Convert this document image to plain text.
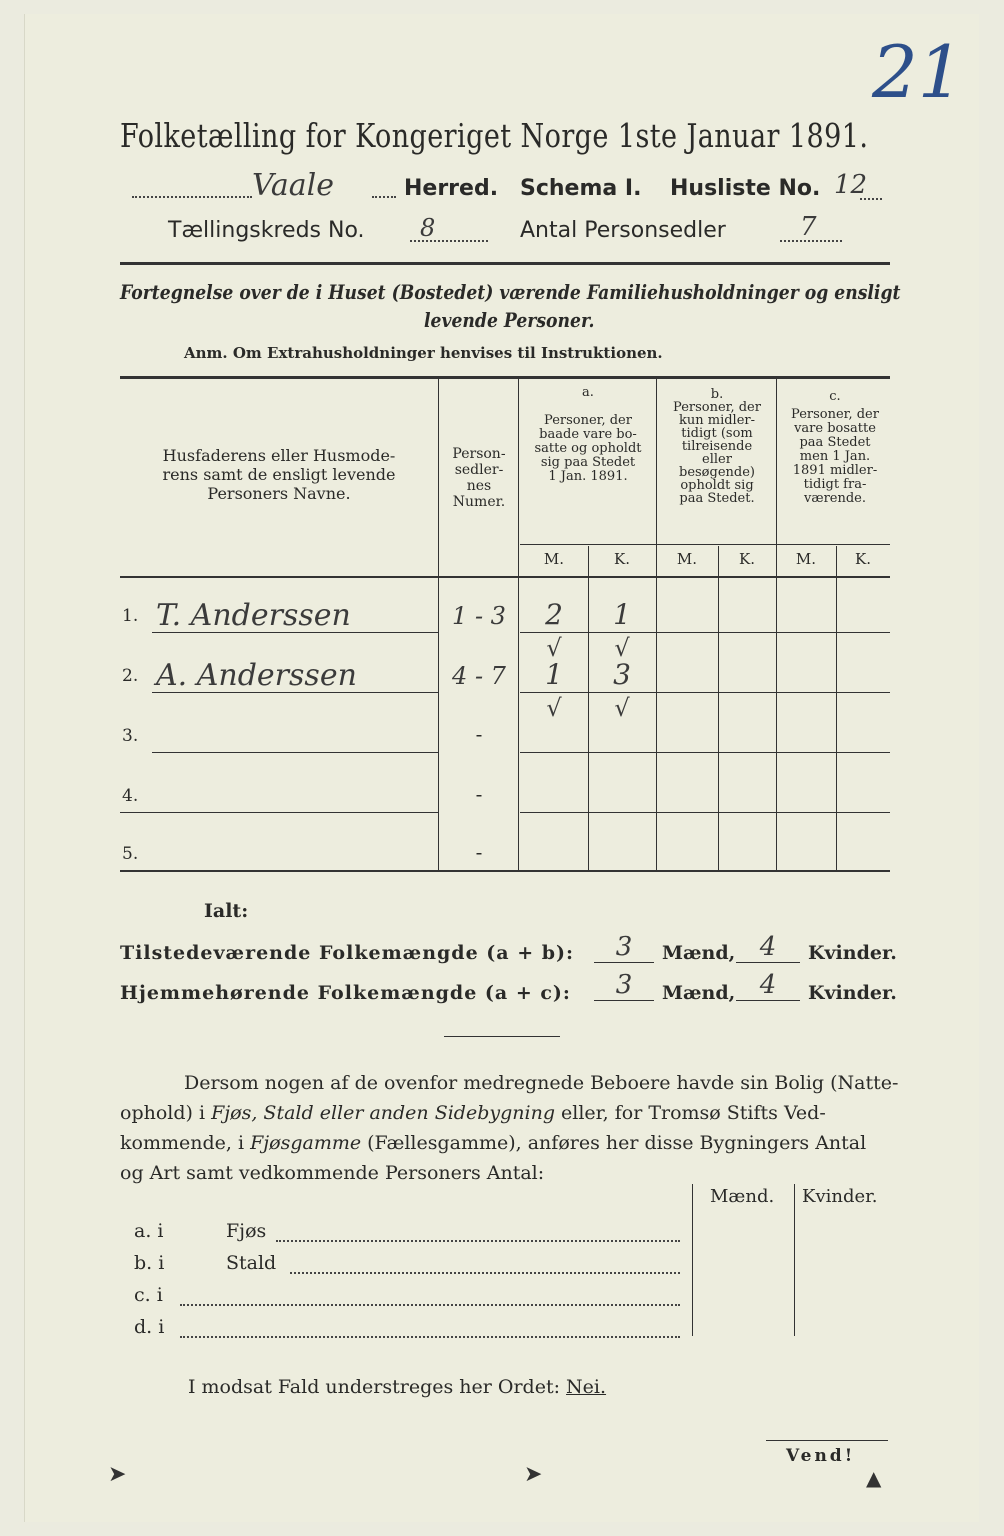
21
Folketælling for Kongeriget Norge 1ste Januar 1891.
Vaale	Herred. Schema I. Husliste No. 12
Tællingskreds No. 8	Antal Personsedler	7
Fortegnelse over de i Huset (Bostedet) værende Familiehusholdninger og ensligt
levende Personer.
Anm. Om Extrahusholdninger henvises til Instruktionen.
Husfaderens eller Husmode-
rens samt de ensligt levende
Personers Navne.
Person-
sedler-
nes
Numer.
a.
Personer, der
baade vare bo-
satte og opholdt
sig paa Stedet
1 Jan. 1891.
b.
Personer, der
kun midler-
tidigt (som
tilreisende
eller
besøgende)
opholdt sig
paa Stedet.
c.
Personer, der
vare bosatte
paa Stedet
men 1 Jan.
1891 midler-
tidigt fra-
værende.
M.	K.	M.	K.	M.	K.
1. T. Anderssen	1 - 3	2	1
√	√
2. A. Anderssen	4 - 7	1	3
√	√
3.	-
4.	-
5.	-
Ialt:
Tilstedeværende Folkemængde (a + b):	3	Mænd, 4	Kvinder.
Hjemmehørende Folkemængde (a + c):	3	Mænd, 4	Kvinder.
Dersom nogen af de ovenfor medregnede Beboere havde sin Bolig (Natte-
ophold) i Fjøs, Stald eller anden Sidebygning eller, for Tromsø Stifts Ved-
kommende, i Fjøsgamme (Fællesgamme), anføres her disse Bygningers Antal
og Art samt vedkommende Personers Antal:
Mænd. Kvinder.
a. i	Fjøs
b. i	Stald
c. i
d. i
I modsat Fald understreges her Ordet: Nei.
Vend!
➤	➤	▲
